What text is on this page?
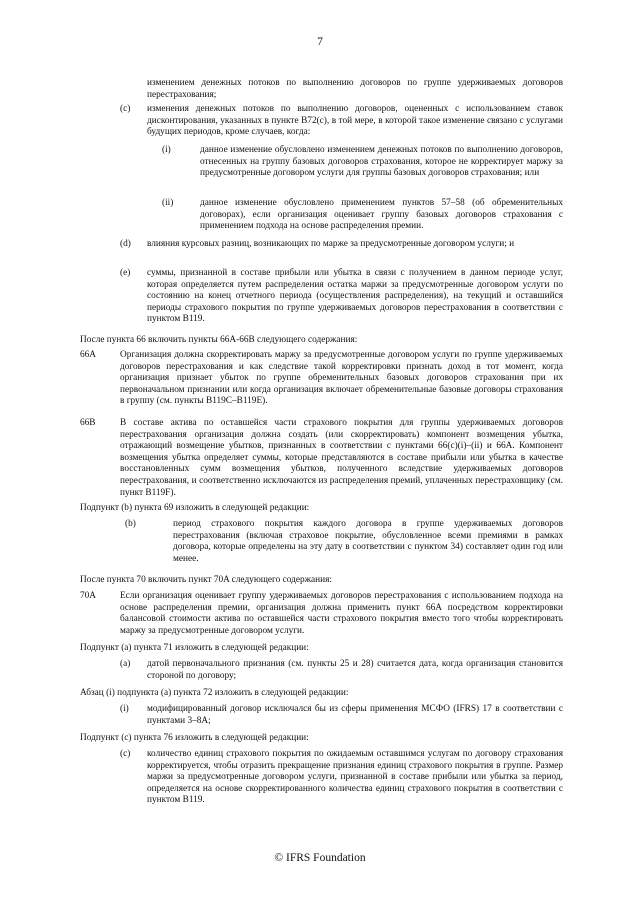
7
изменением денежных потоков по выполнению договоров по группе удерживаемых договоров перестрахования;
(c) изменения денежных потоков по выполнению договоров, оцененных с использованием ставок дисконтирования, указанных в пункте B72(c), в той мере, в которой такое изменение связано с услугами будущих периодов, кроме случаев, когда:
(i)	данное изменение обусловлено изменением денежных потоков по выполнению договоров, отнесенных на группу базовых договоров страхования, которое не корректирует маржу за предусмотренные договором услуги для группы базовых договоров страхования; или
(ii)	данное изменение обусловлено применением пунктов 57–58 (об обременительных договорах), если организация оценивает группу базовых договоров страхования с применением подхода на основе распределения премии.
(d) влияния курсовых разниц, возникающих по марже за предусмотренные договором услуги; и
(e) суммы, признанной в составе прибыли или убытка в связи с получением в данном периоде услуг, которая определяется путем распределения остатка маржи за предусмотренные договором услуги по состоянию на конец отчетного периода (осуществления распределения), на текущий и оставшийся периоды страхового покрытия по группе удерживаемых договоров перестрахования в соответствии с пунктом B119.
После пункта 66 включить пункты 66A-66B следующего содержания:
66A	Организация должна скорректировать маржу за предусмотренные договором услуги по группе удерживаемых договоров перестрахования и как следствие такой корректировки признать доход в тот момент, когда организация признает убыток по группе обременительных базовых договоров страхования при их первоначальном признании или когда организация включает обременительные базовые договоры страхования в группу (см. пункты B119C–B119E).
66B	В составе актива по оставшейся части страхового покрытия для группы удерживаемых договоров перестрахования организация должна создать (или скорректировать) компонент возмещения убытка, отражающий возмещение убытков, признанных в соответствии с пунктами 66(c)(i)–(ii) и 66A. Компонент возмещения убытка определяет суммы, которые представляются в составе прибыли или убытка в качестве восстановленных сумм возмещения убытков, полученного вследствие удерживаемых договоров перестрахования, и соответственно исключаются из распределения премий, уплаченных перестраховщику (см. пункт B119F).
Подпункт (b) пункта 69 изложить в следующей редакции:
(b)	период страхового покрытия каждого договора в группе удерживаемых договоров перестрахования (включая страховое покрытие, обусловленное всеми премиями в рамках договора, которые определены на эту дату в соответствии с пунктом 34) составляет один год или менее.
После пункта 70 включить пункт 70A следующего содержания:
70A	Если организация оценивает группу удерживаемых договоров перестрахования с использованием подхода на основе распределения премии, организация должна применить пункт 66A посредством корректировки балансовой стоимости актива по оставшейся части страхового покрытия вместо того чтобы корректировать маржу за предусмотренные договором услуги.
Подпункт (a) пункта 71 изложить в следующей редакции:
(a) датой первоначального признания (см. пункты 25 и 28) считается дата, когда организация становится стороной по договору;
Абзац (i) подпункта (a) пункта 72 изложить в следующей редакции:
(i) модифицированный договор исключался бы из сферы применения МСФО (IFRS) 17 в соответствии с пунктами 3–8A;
Подпункт (c) пункта 76 изложить в следующей редакции:
(c) количество единиц страхового покрытия по ожидаемым оставшимся услугам по договору страхования корректируется, чтобы отразить прекращение признания единиц страхового покрытия в группе. Размер маржи за предусмотренные договором услуги, признанной в составе прибыли или убытка за период, определяется на основе скорректированного количества единиц страхового покрытия в соответствии с пунктом B119.
© IFRS Foundation
